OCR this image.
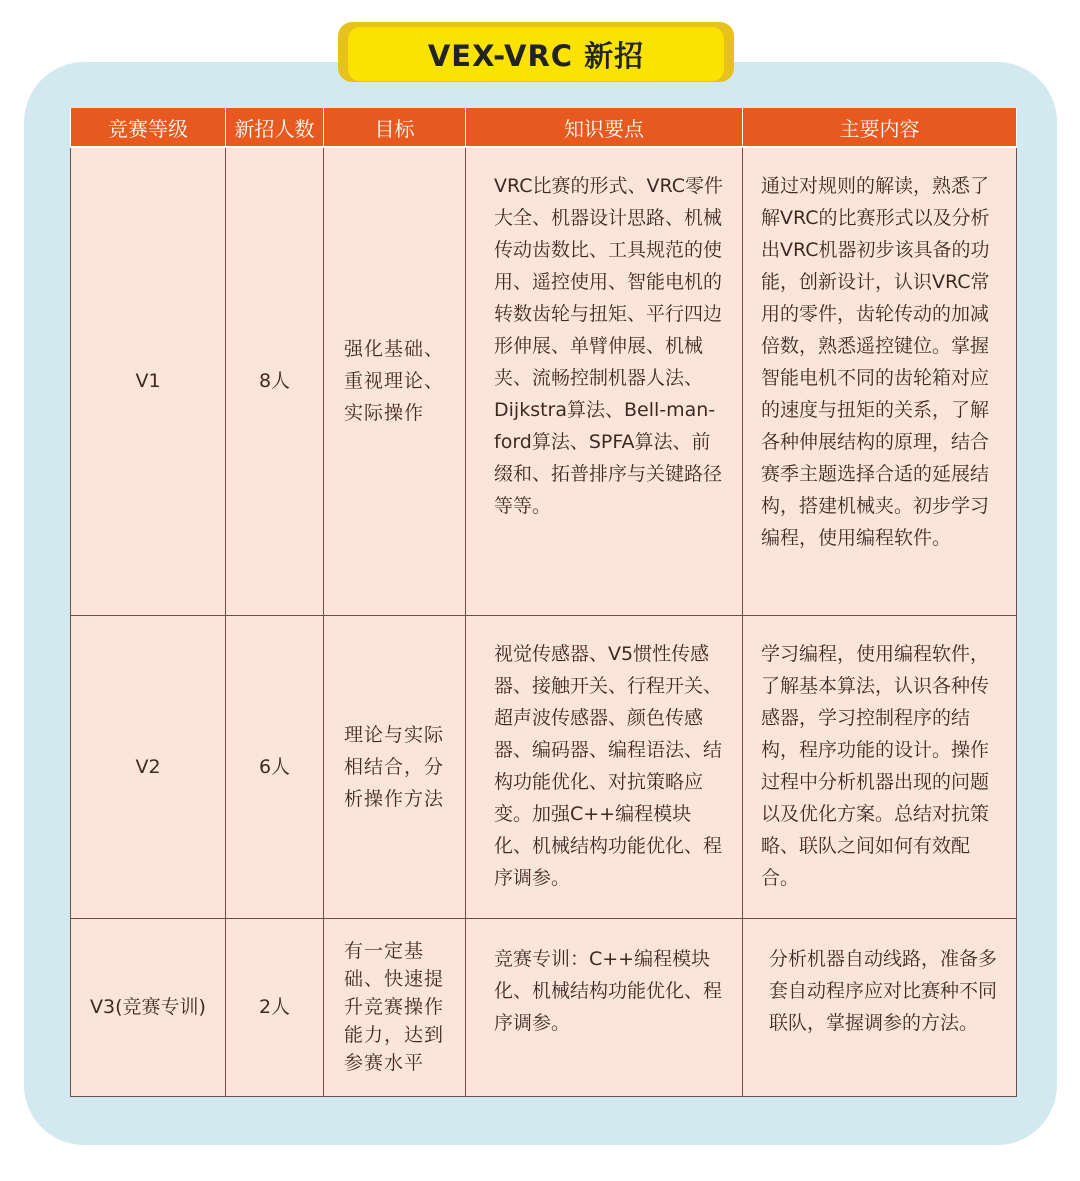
VEX-VRC 新招
竞赛等级	新招人数	目标	知识要点	主要内容
V1	8人	强化基础、重视理论、实际操作	VRC比赛的形式、VRC零件大全、机器设计思路、机械传动齿数比、工具规范的使用、遥控使用、智能电机的转数齿轮与扭矩、平行四边形伸展、单臂伸展、机械夹、流畅控制机器人法、Dijkstra算法、Bell-man-ford算法、SPFA算法、前缀和、拓普排序与关键路径等等。	通过对规则的解读，熟悉了解VRC的比赛形式以及分析出VRC机器初步该具备的功能，创新设计，认识VRC常用的零件，齿轮传动的加减倍数，熟悉遥控键位。掌握智能电机不同的齿轮箱对应的速度与扭矩的关系，了解各种伸展结构的原理，结合赛季主题选择合适的延展结构，搭建机械夹。初步学习编程，使用编程软件。
V2	6人	理论与实际相结合，分析操作方法	视觉传感器、V5惯性传感器、接触开关、行程开关、超声波传感器、颜色传感器、编码器、编程语法、结构功能优化、对抗策略应变。加强C++编程模块化、机械结构功能优化、程序调参。	学习编程，使用编程软件，了解基本算法，认识各种传感器，学习控制程序的结构，程序功能的设计。操作过程中分析机器出现的问题以及优化方案。总结对抗策略、联队之间如何有效配合。
V3(竞赛专训)	2人	有一定基础、快速提升竞赛操作能力，达到参赛水平	竞赛专训：C++编程模块化、机械结构功能优化、程序调参。	分析机器自动线路，准备多套自动程序应对比赛种不同联队，掌握调参的方法。
